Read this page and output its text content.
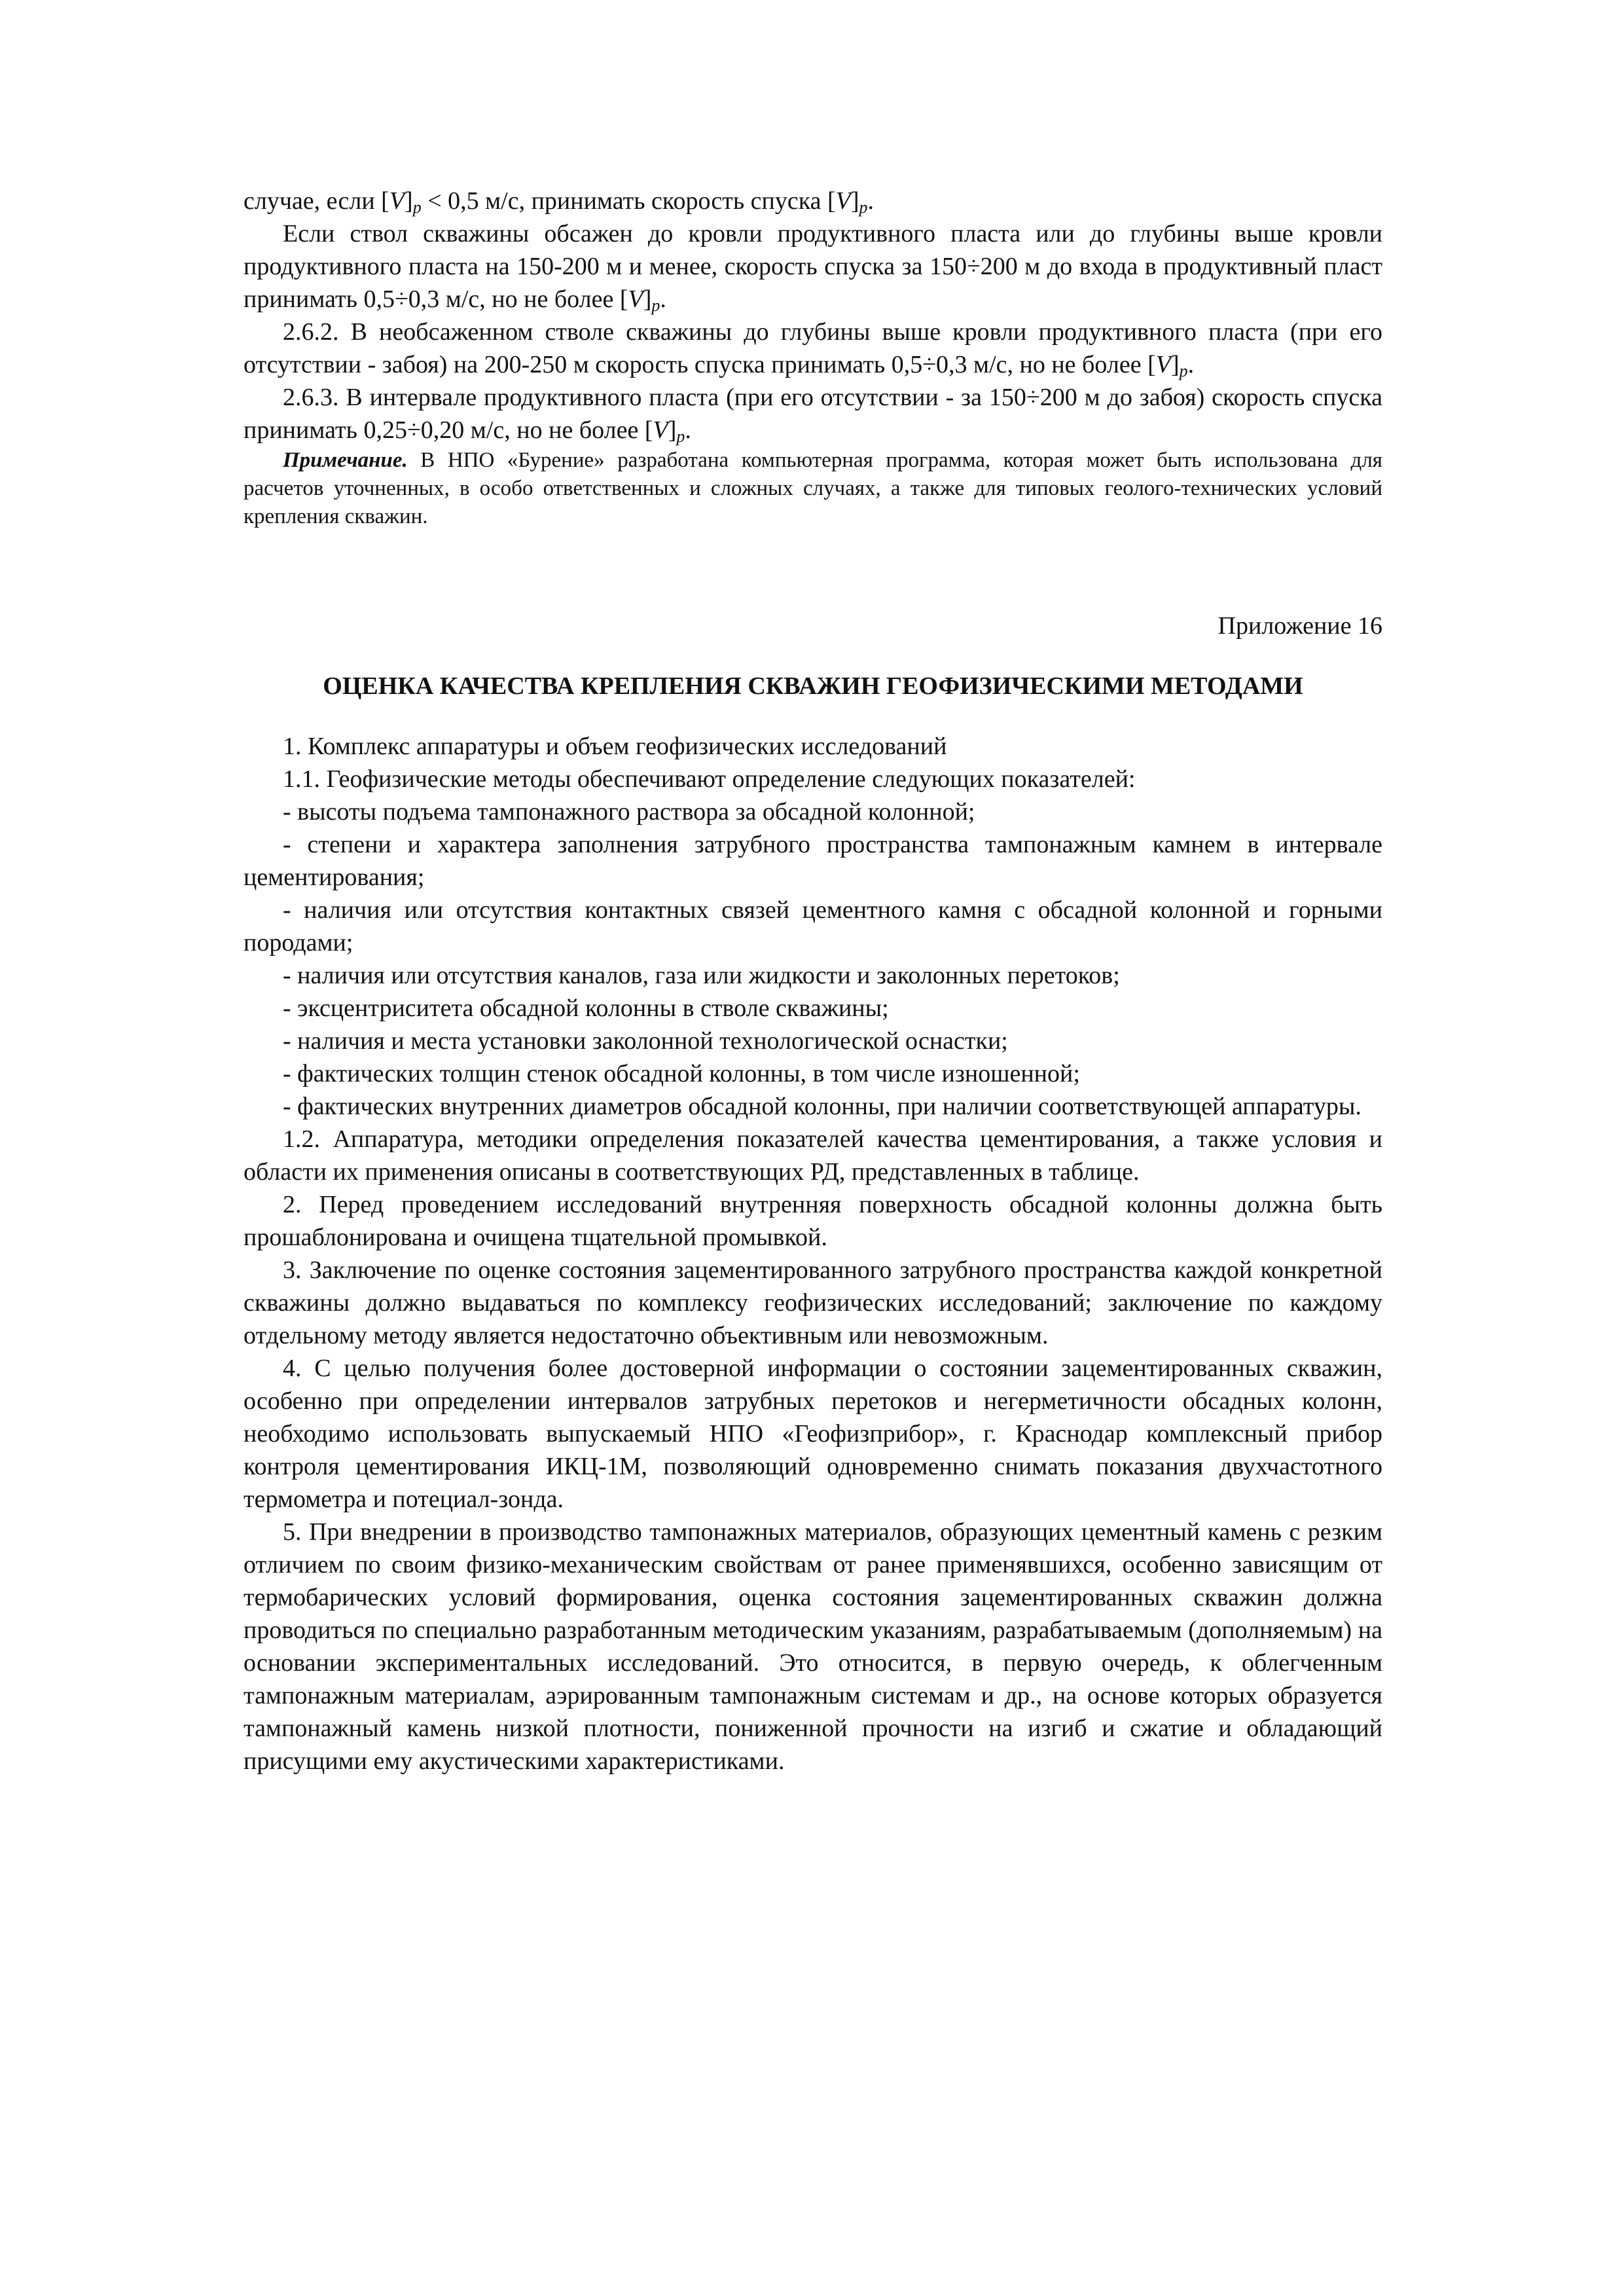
случае, если $[V]_p < 0,5$ м/с, принимать скорость спуска $[V]_p$.

Если ствол скважины обсажен до кровли продуктивного пласта или до глубины выше кровли продуктивного пласта на 150-200 м и менее, скорость спуска за 150÷200 м до входа в продуктивный пласт принимать 0,5÷0,3 м/с, но не более $[V]_p$.

2.6.2. В необсаженном стволе скважины до глубины выше кровли продуктивного пласта (при его отсутствии - забоя) на 200-250 м скорость спуска принимать 0,5÷0,3 м/с, но не более $[V]_p$.

2.6.3. В интервале продуктивного пласта (при его отсутствии - за 150÷200 м до забоя) скорость спуска принимать 0,25÷0,20 м/с, но не более $[V]_p$.

Примечание. В НПО «Бурение» разработана компьютерная программа, которая может быть использована для расчетов уточненных, в особо ответственных и сложных случаях, а также для типовых геолого-технических условий крепления скважин.

Приложение 16

ОЦЕНКА КАЧЕСТВА КРЕПЛЕНИЯ СКВАЖИН ГЕОФИЗИЧЕСКИМИ МЕТОДАМИ

1. Комплекс аппаратуры и объем геофизических исследований

1.1. Геофизические методы обеспечивают определение следующих показателей:

- высоты подъема тампонажного раствора за обсадной колонной;

- степени и характера заполнения затрубного пространства тампонажным камнем в интервале цементирования;

- наличия или отсутствия контактных связей цементного камня с обсадной колонной и горными породами;

- наличия или отсутствия каналов, газа или жидкости и заколонных перетоков;

- эксцентриситета обсадной колонны в стволе скважины;

- наличия и места установки заколонной технологической оснастки;

- фактических толщин стенок обсадной колонны, в том числе изношенной;

- фактических внутренних диаметров обсадной колонны, при наличии соответствующей аппаратуры.

1.2. Аппаратура, методики определения показателей качества цементирования, а также условия и области их применения описаны в соответствующих РД, представленных в таблице.

2. Перед проведением исследований внутренняя поверхность обсадной колонны должна быть прошаблонирована и очищена тщательной промывкой.

3. Заключение по оценке состояния зацементированного затрубного пространства каждой конкретной скважины должно выдаваться по комплексу геофизических исследований; заключение по каждому отдельному методу является недостаточно объективным или невозможным.

4. С целью получения более достоверной информации о состоянии зацементированных скважин, особенно при определении интервалов затрубных перетоков и негерметичности обсадных колонн, необходимо использовать выпускаемый НПО «Геофизприбор», г. Краснодар комплексный прибор контроля цементирования ИКЦ-1М, позволяющий одновременно снимать показания двухчастотного термометра и потециал-зонда.

5. При внедрении в производство тампонажных материалов, образующих цементный камень с резким отличием по своим физико-механическим свойствам от ранее применявшихся, особенно зависящим от термобарических условий формирования, оценка состояния зацементированных скважин должна проводиться по специально разработанным методическим указаниям, разрабатываемым (дополняемым) на основании экспериментальных исследований. Это относится, в первую очередь, к облегченным тампонажным материалам, аэрированным тампонажным системам и др., на основе которых образуется тампонажный камень низкой плотности, пониженной прочности на изгиб и сжатие и обладающий присущими ему акустическими характеристиками.
